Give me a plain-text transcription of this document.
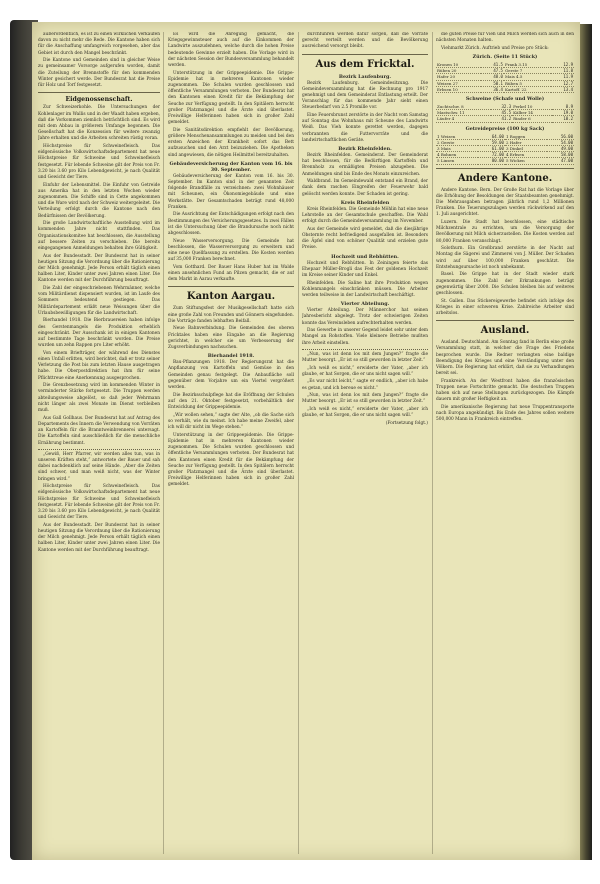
außerordentlich, es ist zu einen wirklichen Verkaufen davon zu nicht mehr die Rede. Die Kantone haben sich für die Anschaffung umfangreich vorgesehen, aber das Gebiet ist durch den Mangel beschränkt.

Die Kantone und Gemeinden sind in gleicher Weise zu gemeinsamer Vorsorge aufgerufen worden, damit die Zuteilung der Brennstoffe für den kommenden Winter gesichert werde. Der Bundesrat hat die Preise für Holz und Torf festgesetzt.

Eidgenossenschaft.

Zur Schweizerkohle. Die Untersuchungen der Kohlenlager im Wallis und in der Waadt haben ergeben, daß die Vorkommen ziemlich beträchtlich sind. Es wird mit dem Abbau in größerem Umfange begonnen. Die Gesellschaft hat die Konzession für weitere zwanzig Jahre erhalten und die Arbeiten schreiten rüstig voran.

Höchstpreise für Schweinefleisch. Das eidgenössische Volkswirtschaftsdepartement hat neue Höchstpreise für Schweine und Schweinefleisch festgesetzt. Für lebende Schweine gilt der Preis von Fr. 3.20 bis 3.60 pro Kilo Lebendgewicht, je nach Qualität und Gewicht der Tiere.

Einfuhr der Lebensmittel. Die Einfuhr von Getreide aus Amerika hat in den letzten Wochen wieder zugenommen. Die Schiffe sind in Cette angekommen und die Ware wird nach der Schweiz weitergeleitet. Die Verteilung erfolgt durch die Kantone nach den Bedürfnissen der Bevölkerung.

Die große Landwirtschaftliche Ausstellung wird im kommenden Jahre nicht stattfinden. Das Organisationskomitee hat beschlossen, die Ausstellung auf bessere Zeiten zu verschieben. Die bereits eingegangenen Anmeldungen behalten ihre Gültigkeit.

Aus der Bundesstadt. Der Bundesrat hat in seiner heutigen Sitzung die Verordnung über die Rationierung der Milch genehmigt. Jede Person erhält täglich einen halben Liter, Kinder unter zwei Jahren einen Liter. Die Kantone werden mit der Durchführung beauftragt.

Die Zahl der eingeschriebenen Wehrmänner, welche vom Militärdienst dispensiert wurden, ist im Laufe des Sommers bedeutend gestiegen. Das Militärdepartement erläßt neue Weisungen über die Urlaubsbewilligungen für die Landwirtschaft.

Bierhandel 1918. Die Bierbrauereien haben infolge des Gerstenmangels die Produktion erheblich eingeschränkt. Der Ausschank ist in einigen Kantonen auf bestimmte Tage beschränkt worden. Die Preise wurden um zehn Rappen pro Liter erhöht.

Von einem Briefträger, der während des Dienstes einen Unfall erlitten, wird berichtet, daß er trotz seiner Verletzung die Post bis zum letzten Hause ausgetragen habe. Die Oberpostdirektion hat ihm für seine Pflichttreue eine Anerkennung ausgesprochen.

Die Grenzbesetzung wird im kommenden Winter in verminderter Stärke fortgesetzt. Die Truppen werden abteilungsweise abgelöst, so daß jeder Wehrmann nicht länger als zwei Monate im Dienst verbleiben muß.

Aus Gall Gollhaus. Der Bundesrat hat auf Antrag des Departements des Innern die Verwendung von Vorräten an Kartoffeln für die Branntweinbrennerei untersagt. Die Kartoffeln sind ausschließlich für die menschliche Ernährung bestimmt.

„Gewiß, Herr Pfarrer, wir werden alles tun, was in unseren Kräften steht,“ antwortete der Bauer und sah dabei nachdenklich auf seine Hände. „Aber die Zeiten sind schwer, und man weiß nicht, was der Winter bringen wird.“

Höchstpreise für Schweinefleisch. Das eidgenössische Volkswirtschaftsdepartement hat neue Höchstpreise für Schweine und Schweinefleisch festgesetzt. Für lebende Schweine gilt der Preis von Fr. 3.20 bis 3.60 pro Kilo Lebendgewicht, je nach Qualität und Gewicht der Tiere.

Aus der Bundesstadt. Der Bundesrat hat in seiner heutigen Sitzung die Verordnung über die Rationierung der Milch genehmigt. Jede Person erhält täglich einen halben Liter, Kinder unter zwei Jahren einen Liter. Die Kantone werden mit der Durchführung beauftragt.

Es wird die Anregung gemacht, die Kriegsgewinnsteuer auch auf die Einkommen der Landwirte auszudehnen, welche durch die hohen Preise bedeutende Gewinne erzielt haben. Die Vorlage wird in der nächsten Session der Bundesversammlung behandelt werden.

Unterstützung in der Grippeepidemie. Die Grippe-Epidemie hat in mehreren Kantonen wieder zugenommen. Die Schulen wurden geschlossen und öffentliche Versammlungen verboten. Der Bundesrat hat den Kantonen einen Kredit für die Bekämpfung der Seuche zur Verfügung gestellt. In den Spitälern herrscht großer Platzmangel und die Ärzte sind überlastet. Freiwillige Helferinnen haben sich in großer Zahl gemeldet.

Die Sanitätsdirektion empfiehlt der Bevölkerung, größere Menschenansammlungen zu meiden und bei den ersten Anzeichen der Krankheit sofort das Bett aufzusuchen und den Arzt beizuziehen. Die Apotheken sind angewiesen, die nötigen Heilmittel bereitzuhalten.

Gebäudeversicherung der Kanton vom 16. bis 30. September.

Gebäudeversicherung der Kanton vom 16. bis 30. September. Im Kanton sind in der genannten Zeit folgende Brandfälle zu verzeichnen: zwei Wohnhäuser mit Scheunen, ein Ökonomiegebäude und eine Werkstätte. Der Gesamtschaden beträgt rund 48,000 Franken.

Die Ausrichtung der Entschädigungen erfolgt nach den Bestimmungen des Versicherungsgesetzes. In zwei Fällen ist die Untersuchung über die Brandursache noch nicht abgeschlossen.

Neue Wasserversorgung. Die Gemeinde hat beschlossen, die Wasserversorgung zu erweitern und eine neue Quellfassung zu erstellen. Die Kosten werden auf 35,000 Franken berechnet.

Vom Gotthard. Der Bauer Hans Huber hat im Walde einen ansehnlichen Fund an Pilzen gemacht, die er auf dem Markt in Aarau verkaufte.

Kanton Aargau.

Zum Stiftungsfest der Musikgesellschaft hatte sich eine große Zahl von Freunden und Gönnern eingefunden. Die Vorträge fanden lebhaften Beifall.

Neue Bahnverbindung. Die Gemeinden des oberen Fricktales haben eine Eingabe an die Regierung gerichtet, in welcher sie um Verbesserung der Zugsverbindungen nachsuchen.

Bierhandel 1918.

Bau-Pflanzungen 1918. Der Regierungsrat hat die Anpflanzung von Kartoffeln und Gemüse in den Gemeinden genau festgelegt. Die Anbaufläche soll gegenüber dem Vorjahre um ein Viertel vergrößert werden.

Die Bezirksschulpflege hat die Eröffnung der Schulen auf den 21. Oktober festgesetzt, vorbehältlich der Entwicklung der Grippeepidemie.

„Wir wollen sehen,“ sagte der Alte, „ob die Sache sich so verhält, wie du meinst. Ich habe meine Zweifel, aber ich will dir nicht im Wege stehen.“

Unterstützung in der Grippeepidemie. Die Grippe-Epidemie hat in mehreren Kantonen wieder zugenommen. Die Schulen wurden geschlossen und öffentliche Versammlungen verboten. Der Bundesrat hat den Kantonen einen Kredit für die Bekämpfung der Seuche zur Verfügung gestellt. In den Spitälern herrscht großer Platzmangel und die Ärzte sind überlastet. Freiwillige Helferinnen haben sich in großer Zahl gemeldet.

durchführen werden dafür sorgen, daß die Vorräte gerecht verteilt werden und die Bevölkerung ausreichend versorgt bleibt.

Aus dem Fricktal.
Bezirk Laufenburg.

Bezirk Laufenburg. Gemeindesitzung. Die Gemeindeversammlung hat die Rechnung pro 1917 genehmigt und dem Gemeinderat Entlastung erteilt. Der Voranschlag für das kommende Jahr sieht einen Steuerbedarf von 2.5 Promille vor.

Eine Feuersbrunst zerstörte in der Nacht vom Samstag auf Sonntag das Wohnhaus mit Scheune des Landwirts Weiß. Das Vieh konnte gerettet werden, dagegen verbrannten die Futtervorräte und die landwirtschaftlichen Geräte.

Bezirk Rheinfelden.

Bezirk Rheinfelden. Gemeinderat. Der Gemeinderat hat beschlossen, für die Bedürftigen Kartoffeln und Brennholz zu ermäßigten Preisen abzugeben. Die Anmeldungen sind bis Ende des Monats einzureichen.

Waldbrand. Im Gemeindewald entstand ein Brand, der dank dem raschen Eingreifen der Feuerwehr bald gelöscht werden konnte. Der Schaden ist gering.

Kreis Rheinfelden

Kreis Rheinfelden. Die Gemeinde Möhlin hat eine neue Lehrstelle an der Gesamtschule geschaffen. Die Wahl erfolgt durch die Gemeindeversammlung im November.

Aus der Gemeinde wird gemeldet, daß die diesjährige Obsternte recht befriedigend ausgefallen ist. Besonders die Äpfel sind von schöner Qualität und erzielen gute Preise.

Hochzeit und Rebhütten.

Hochzeit und Rebhütten. In Zeiningen feierte das Ehepaar Müller-Brogli das Fest der goldenen Hochzeit im Kreise seiner Kinder und Enkel.

Rheinfelden. Die Saline hat ihre Produktion wegen Kohlenmangels einschränken müssen. Die Arbeiter werden teilweise in der Landwirtschaft beschäftigt.

Vierter Abteilung.

Vierter Abteilung. Der Männerchor hat seinen Jahresbericht abgelegt. Trotz der schwierigen Zeiten konnte das Vereinsleben aufrechterhalten werden.

Das Gewerbe in unserer Gegend leidet sehr unter dem Mangel an Rohstoffen. Viele kleinere Betriebe mußten ihre Arbeit einstellen.

„Nun, was ist denn los mit dem Jungen?“ fragte die Mutter besorgt. „Er ist so still geworden in letzter Zeit.“

„Ich weiß es nicht,“ erwiderte der Vater, „aber ich glaube, er hat Sorgen, die er uns nicht sagen will.“

„Es war nicht leicht,“ sagte er endlich, „aber ich habe es getan, und ich bereue es nicht.“

„Nun, was ist denn los mit dem Jungen?“ fragte die Mutter besorgt. „Er ist so still geworden in letzter Zeit.“

„Ich weiß es nicht,“ erwiderte der Vater, „aber ich glaube, er hat Sorgen, die er uns nicht sagen will.“

(Fortsetzung folgt.)

die guten Preise für Vieh und Milch werden sich auch in den nächsten Monaten halten.

Viehmarkt Zürich. Auftrieb und Preise pro Stück:

Zürich. (Seite 11 Stück)
Kronen 10	41.5	Frank 3.15	12.9
Rüben 20	47.5	Gerste 7	11.8
Hafer 20	48.0	Mais 4.5	11.9
Weizen 27	50.1	Rüben 5	12.7
Erbsen 10	36.4	Kartoff. 22	13.4
Schweine (Schafe und Wolle)
Zuchtschw. 8	32.3	Ferkel 10	8.9
Mastschw. 11	45.5	Kälber 14	19.0
Läufer 4	41.2	Rinder 6	10.2
Getreidepreise (100 kg Sack)
1 Weizen	64.00	1 Roggen	56.00
2 Gerste	59.00	2 Hafer	54.00
3 Mais	61.00	3 Dinkel	49.00
4 Bohnen	72.00	4 Erbsen	58.00
5 Linsen	80.00	5 Wicken	47.00
Andere Kantone.

Andere Kantone. Bern. Der Große Rat hat die Vorlage über die Erhöhung der Besoldungen der Staatsbeamten genehmigt. Die Mehrausgaben betragen jährlich rund 1,2 Millionen Franken. Die Teuerungszulagen werden rückwirkend auf den 1. Juli ausgerichtet.

Luzern. Die Stadt hat beschlossen, eine städtische Milchzentrale zu errichten, um die Versorgung der Bevölkerung mit Milch sicherzustellen. Die Kosten werden auf 80,000 Franken veranschlagt.

Solothurn. Ein Großbrand zerstörte in der Nacht auf Montag die Sägerei und Zimmerei von J. Müller. Der Schaden wird auf über 100,000 Franken geschätzt. Die Entstehungsursache ist noch unbekannt.

Basel. Die Grippe hat in der Stadt wieder stark zugenommen. Die Zahl der Erkrankungen beträgt gegenwärtig über 2000. Die Schulen bleiben bis auf weiteres geschlossen.

St. Gallen. Das Stickereigewerbe befindet sich infolge des Krieges in einer schweren Krise. Zahlreiche Arbeiter sind arbeitslos.

Ausland.

Ausland. Deutschland. Am Sonntag fand in Berlin eine große Versammlung statt, in welcher die Frage des Friedens besprochen wurde. Die Redner verlangten eine baldige Beendigung des Krieges und eine Verständigung unter den Völkern. Die Regierung hat erklärt, daß sie zu Verhandlungen bereit sei.

Frankreich. An der Westfront haben die französischen Truppen neue Fortschritte gemacht. Die deutschen Truppen haben sich auf neue Stellungen zurückgezogen. Die Kämpfe dauern mit großer Heftigkeit an.

Die amerikanische Regierung hat neue Truppentransporte nach Europa angekündigt. Bis Ende des Jahres sollen weitere 500,000 Mann in Frankreich eintreffen.
